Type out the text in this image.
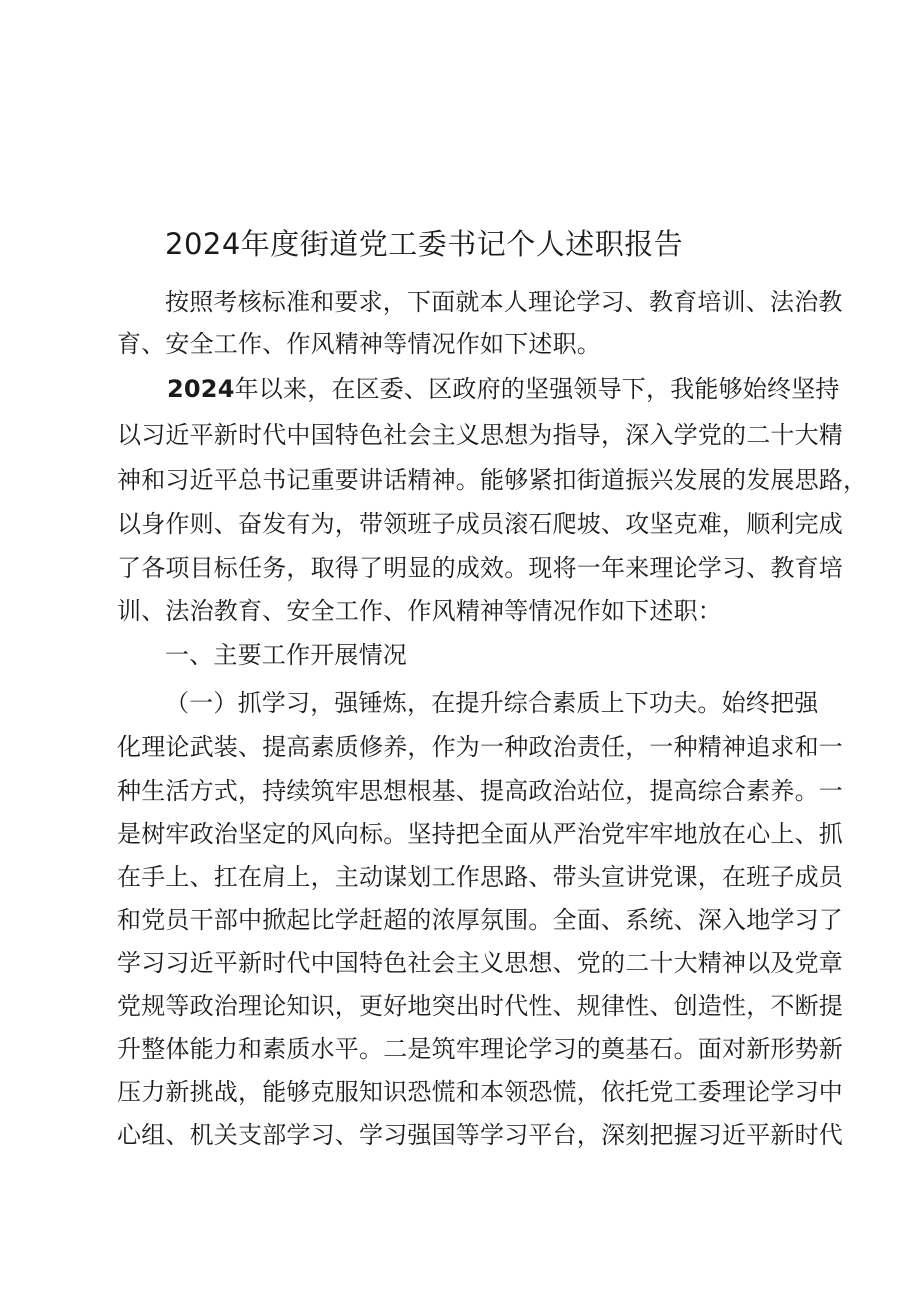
2024年度街道党工委书记个人述职报告
按照考核标准和要求，下面就本人理论学习、教育培训、法治教
育、安全工作、作风精神等情况作如下述职。
2024年以来，在区委、区政府的坚强领导下，我能够始终坚持
以习近平新时代中国特色社会主义思想为指导，深入学党的二十大精
神和习近平总书记重要讲话精神。能够紧扣街道振兴发展的发展思路，
以身作则、奋发有为，带领班子成员滚石爬坡、攻坚克难，顺利完成
了各项目标任务，取得了明显的成效。现将一年来理论学习、教育培
训、法治教育、安全工作、作风精神等情况作如下述职：
一、主要工作开展情况
（一）抓学习，强锤炼，在提升综合素质上下功夫。始终把强
化理论武装、提高素质修养，作为一种政治责任，一种精神追求和一
种生活方式，持续筑牢思想根基、提高政治站位，提高综合素养。一
是树牢政治坚定的风向标。坚持把全面从严治党牢牢地放在心上、抓
在手上、扛在肩上，主动谋划工作思路、带头宣讲党课，在班子成员
和党员干部中掀起比学赶超的浓厚氛围。全面、系统、深入地学习了
学习习近平新时代中国特色社会主义思想、党的二十大精神以及党章
党规等政治理论知识，更好地突出时代性、规律性、创造性，不断提
升整体能力和素质水平。二是筑牢理论学习的奠基石。面对新形势新
压力新挑战，能够克服知识恐慌和本领恐慌，依托党工委理论学习中
心组、机关支部学习、学习强国等学习平台，深刻把握习近平新时代
